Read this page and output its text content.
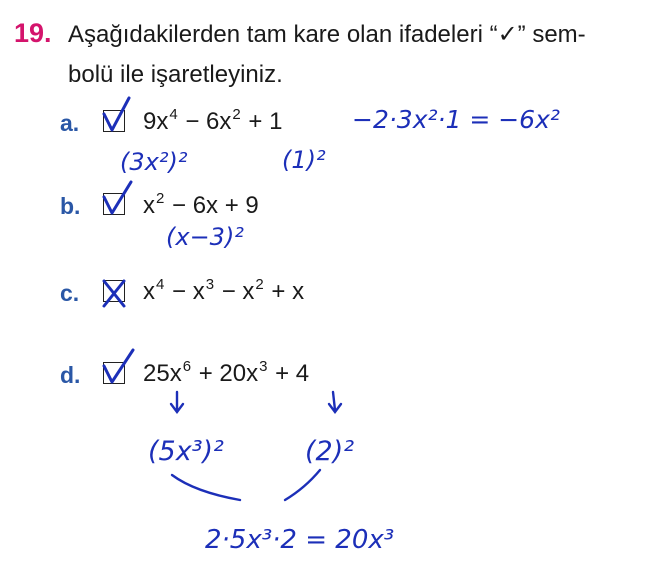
19. Aşağıdakilerden tam kare olan ifadeleri “✓” sem-
bolü ile işaretleyiniz.
a.	$9x^4 - 6x^2 + 1$
b.	$x^2 - 6x + 9$
c.	$x^4 - x^3 - x^2 + x$
d.	$25x^6 + 20x^3 + 4$
(3x²)²	(1)²
−2·3x²·1 = −6x²
(x−3)²
(5x³)²	(2)²
2·5x³·2 = 20x³
